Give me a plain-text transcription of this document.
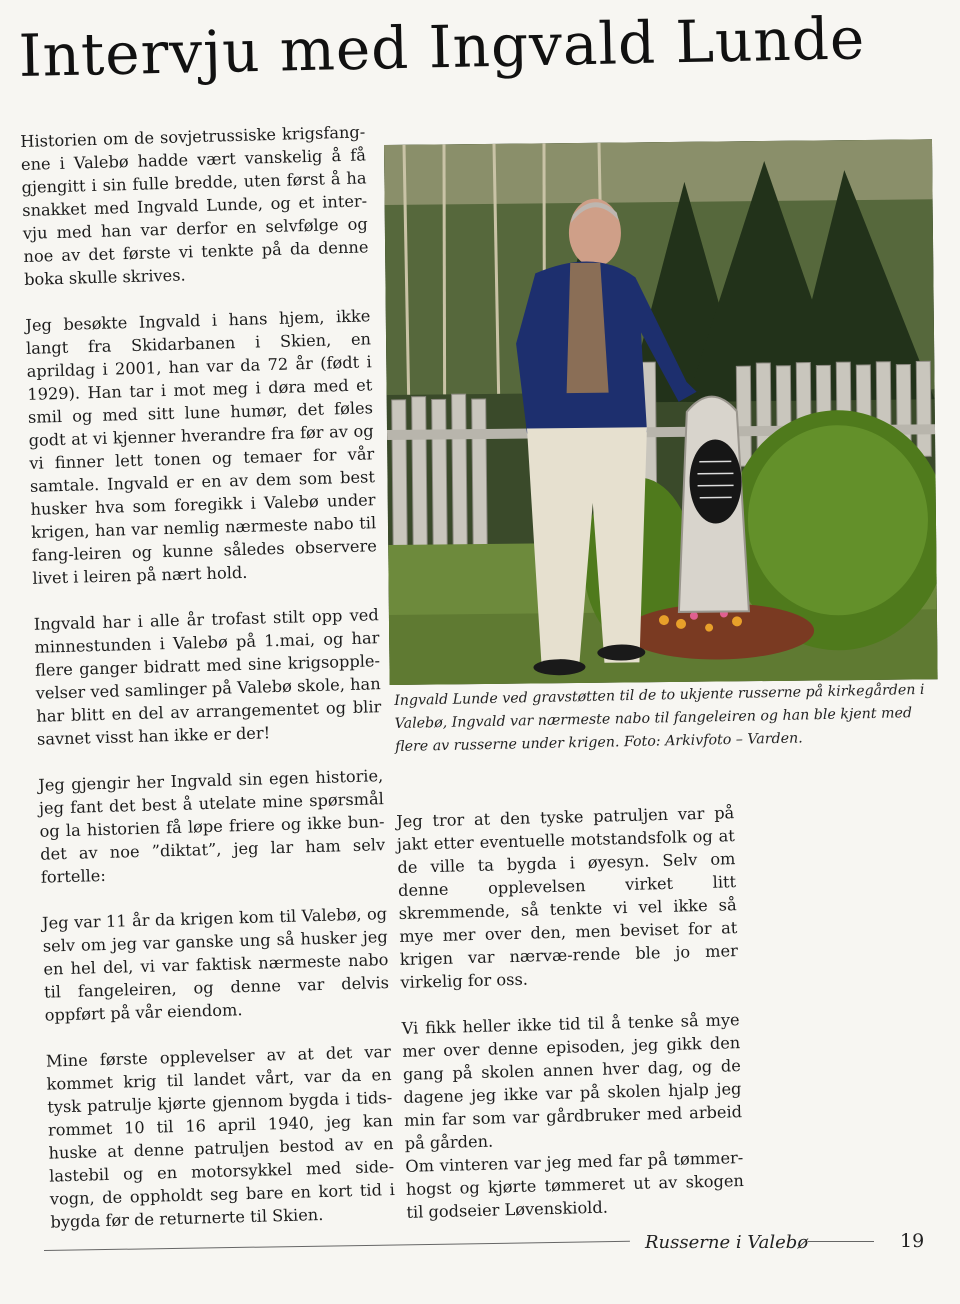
Intervju med Ingvald Lunde

Historien om de sovjetrussiske krigsfang-ene i Valebø hadde vært vanskelig å få gjengitt i sin fulle bredde, uten først å ha snakket med Ingvald Lunde, og et inter-vju med han var derfor en selvfølge og noe av det første vi tenkte på da denne boka skulle skrives.

Jeg besøkte Ingvald i hans hjem, ikke langt fra Skidarbanen i Skien, en aprildag i 2001, han var da 72 år (født i 1929). Han tar i mot meg i døra med et smil og med sitt lune humør, det føles godt at vi kjenner hverandre fra før av og vi finner lett tonen og temaer for vår samtale. Ingvald er en av dem som best husker hva som foregikk i Valebø under krigen, han var nemlig nærmeste nabo til fang-leiren og kunne således observere livet i leiren på nært hold.

Ingvald har i alle år trofast stilt opp ved minnestunden i Valebø på 1.mai, og har flere ganger bidratt med sine krigsopple-velser ved samlinger på Valebø skole, han har blitt en del av arrangementet og blir savnet visst han ikke er der!

Jeg gjengir her Ingvald sin egen historie, jeg fant det best å utelate mine spørsmål og la historien få løpe friere og ikke bun-det av noe ”diktat”, jeg lar ham selv fortelle:

Jeg var 11 år da krigen kom til Valebø, og selv om jeg var ganske ung så husker jeg en hel del, vi var faktisk nærmeste nabo til fangeleiren, og denne var delvis oppført på vår eiendom.

Mine første opplevelser av at det var kommet krig til landet vårt, var da en tysk patrulje kjørte gjennom bygda i tids-rommet 10 til 16 april 1940, jeg kan huske at denne patruljen bestod av en lastebil og en motorsykkel med side-vogn, de oppholdt seg bare en kort tid i bygda før de returnerte til Skien.

Ingvald Lunde ved gravstøtten til de to ukjente russerne på kirkegården i Valebø, Ingvald var nærmeste nabo til fangeleiren og han ble kjent med flere av russerne under krigen. Foto: Arkivfoto – Varden.

Jeg tror at den tyske patruljen var på jakt etter eventuelle motstandsfolk og at de ville ta bygda i øyesyn. Selv om denne opplevelsen virket litt skremmende, så tenkte vi vel ikke så mye mer over den, men beviset for at krigen var nærvæ-rende ble jo mer virkelig for oss.

Vi fikk heller ikke tid til å tenke så mye mer over denne episoden, jeg gikk den gang på skolen annen hver dag, og de dagene jeg ikke var på skolen hjalp jeg min far som var gårdbruker med arbeid på gården.

Om vinteren var jeg med far på tømmer-hogst og kjørte tømmeret ut av skogen til godseier Løvenskiold.

Russerne i Valebø	19
